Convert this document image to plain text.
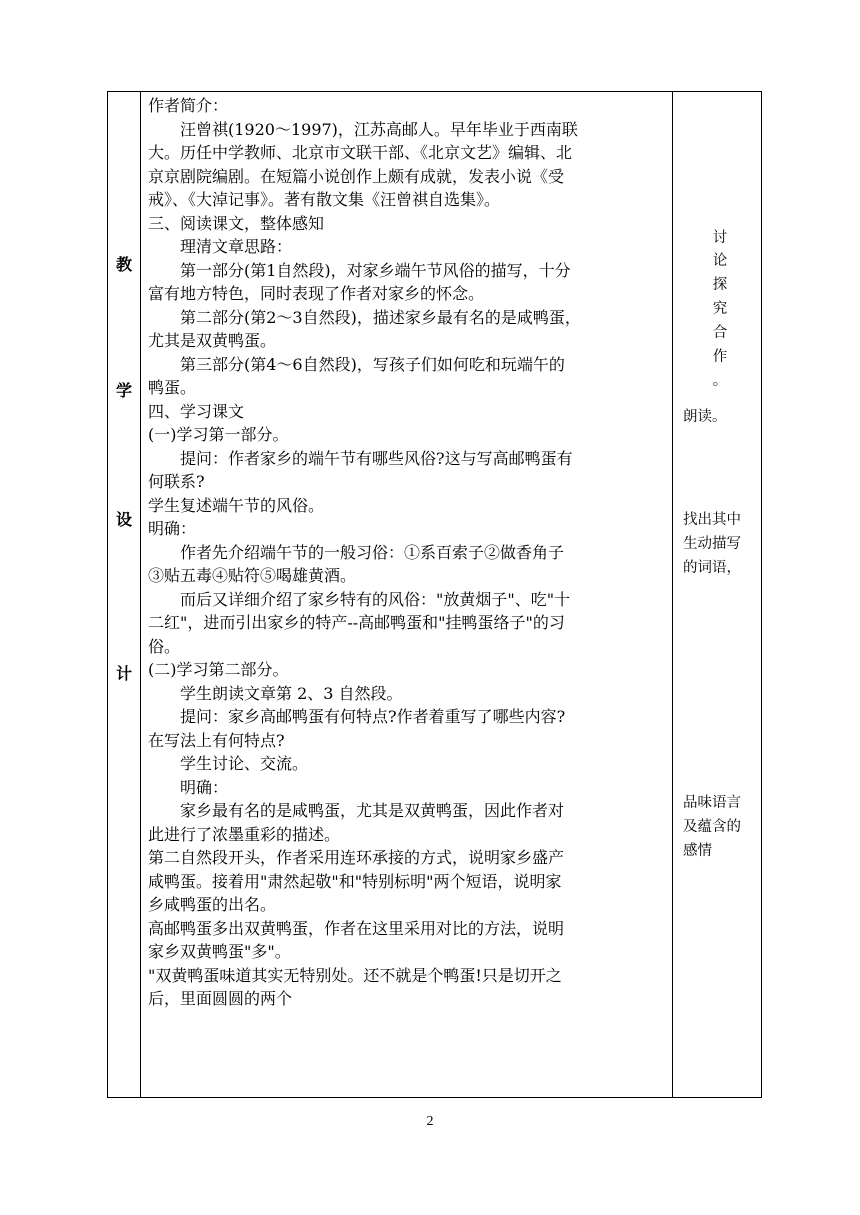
教
学
设
计

作者简介：

汪曾祺(1920～1997)，江苏高邮人。早年毕业于西南联

大。历任中学教师、北京市文联干部、《北京文艺》编辑、北

京京剧院编剧。在短篇小说创作上颇有成就，发表小说《受

戒》、《大淖记事》。著有散文集《汪曾祺自选集》。

三、阅读课文，整体感知

理清文章思路：

第一部分(第1自然段)，对家乡端午节风俗的描写，十分

富有地方特色，同时表现了作者对家乡的怀念。

第二部分(第2～3自然段)，描述家乡最有名的是咸鸭蛋，

尤其是双黄鸭蛋。

第三部分(第4～6自然段)，写孩子们如何吃和玩端午的

鸭蛋。

四、学习课文

(一)学习第一部分。

提问：作者家乡的端午节有哪些风俗?这与写高邮鸭蛋有

何联系?

学生复述端午节的风俗。

明确：

作者先介绍端午节的一般习俗：①系百索子②做香角子

③贴五毒④贴符⑤喝雄黄酒。

而后又详细介绍了家乡特有的风俗："放黄烟子"、吃"十

二红"，进而引出家乡的特产--高邮鸭蛋和"挂鸭蛋络子"的习

俗。

(二)学习第二部分。

学生朗读文章第 2、3 自然段。

提问：家乡高邮鸭蛋有何特点?作者着重写了哪些内容?

在写法上有何特点?

学生讨论、交流。

明确：

家乡最有名的是咸鸭蛋，尤其是双黄鸭蛋，因此作者对

此进行了浓墨重彩的描述。

第二自然段开头，作者采用连环承接的方式，说明家乡盛产

咸鸭蛋。接着用"肃然起敬"和"特别标明"两个短语，说明家

乡咸鸭蛋的出名。

高邮鸭蛋多出双黄鸭蛋，作者在这里采用对比的方法，说明

家乡双黄鸭蛋"多"。

"双黄鸭蛋味道其实无特别处。还不就是个鸭蛋!只是切开之

后，里面圆圆的两个

讨

论

探

究

合

作

。

朗读。

找出其中

生动描写

的词语，

品味语言

及蕴含的

感情

2
